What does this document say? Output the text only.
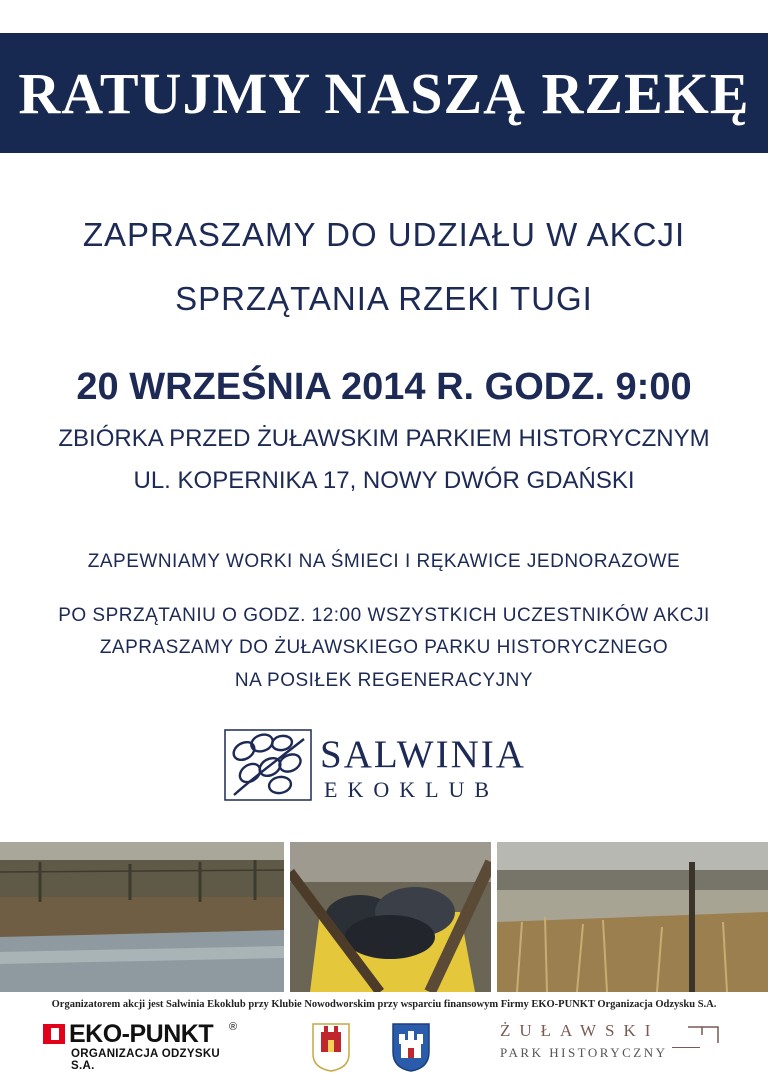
RATUJMY NASZĄ RZEKĘ
ZAPRASZAMY DO UDZIAŁU W AKCJI
SPRZĄTANIA RZEKI TUGI
20 WRZEŚNIA 2014 R. GODZ. 9:00
ZBIÓRKA PRZED ŻUŁAWSKIM PARKIEM HISTORYCZNYM
UL. KOPERNIKA 17, NOWY DWÓR GDAŃSKI
ZAPEWNIAMY WORKI NA ŚMIECI I RĘKAWICE JEDNORAZOWE
PO SPRZĄTANIU O GODZ. 12:00 WSZYSTKICH UCZESTNIKÓW AKCJI
ZAPRASZAMY DO ŻUŁAWSKIEGO PARKU HISTORYCZNEGO
NA POSIŁEK REGENERACYJNY
SALWINIA
EKOKLUB
Organizatorem akcji jest Salwinia Ekoklub przy Klubie Nowodworskim przy wsparciu finansowym Firmy EKO-PUNKT Organizacja Odzysku S.A.
EKO-PUNKT ®
ORGANIZACJA ODZYSKU S.A.
ŻUŁAWSKI
PARK HISTORYCZNY
